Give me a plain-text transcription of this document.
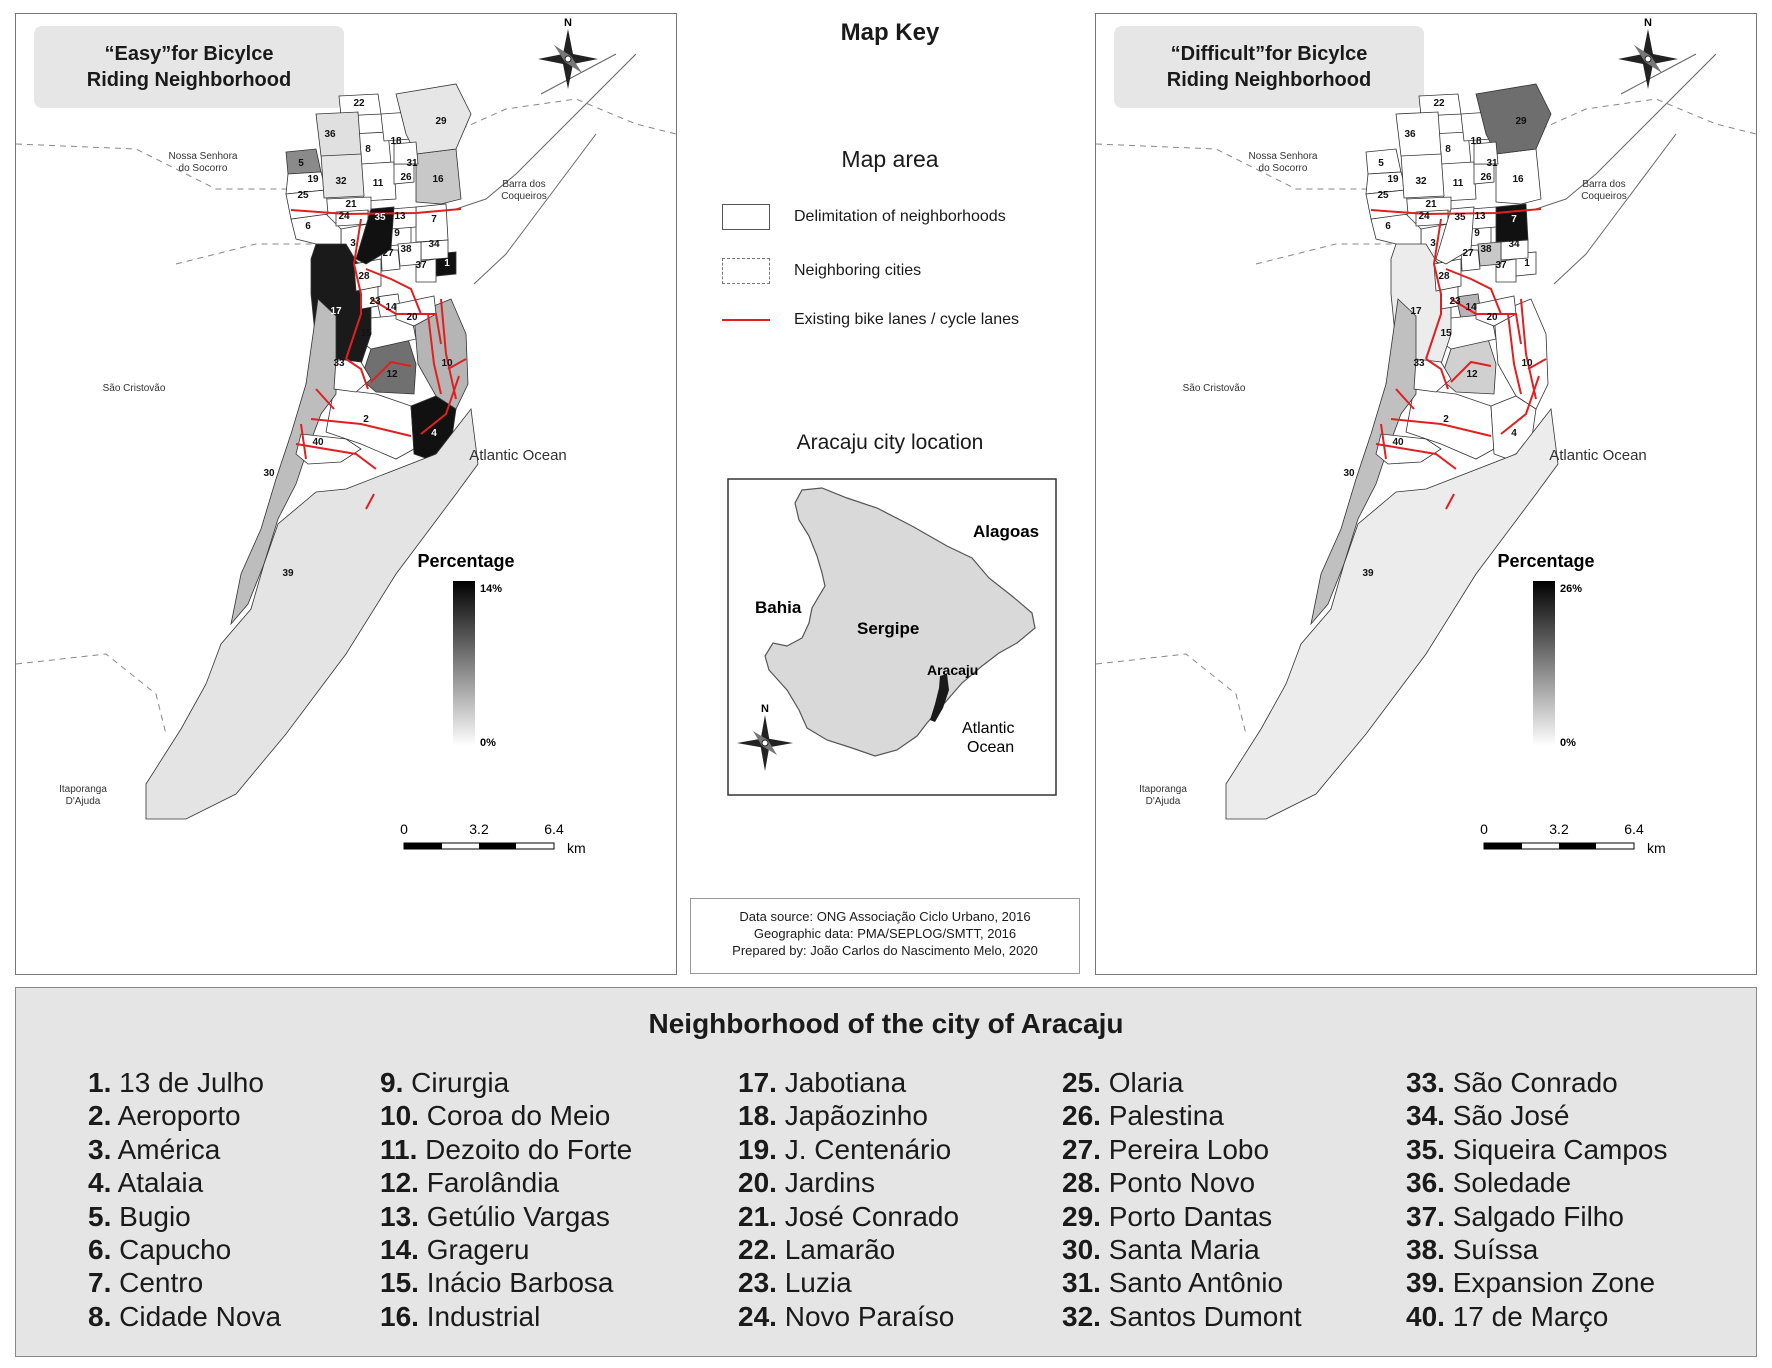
“Easy”for Bicylce
Riding Neighborhood
1
2
3
4
5
6
7
8
9
10
11
12
13
14
15
16
17
18
19
20
21
22
23
24
25
26
27
28
29
30
31
32
33
34
35
36
37
38
39
40
Nossa Senhora
do Socorro
Barra dos
Coqueiros
São Cristovão
Atlantic Ocean
Itaporanga
D'Ajuda
N
Percentage
14%
0%
0	3.2	6.4
km
Map Key
Map area
Delimitation of neighborhoods
Neighboring cities
Existing bike lanes / cycle lanes
Aracaju city location
Alagoas
Bahia
Sergipe
Aracaju
Atlantic
Ocean
N
Data source: ONG Associação Ciclo Urbano, 2016
Geographic data: PMA/SEPLOG/SMTT, 2016
Prepared by: João Carlos do Nascimento Melo, 2020
“Difficult”for Bicylce
Riding Neighborhood
1
2
3
4
5
6
7
8
9
10
11
12
13
14
15
16
17
18
19
20
21
22
23
24
25
26
27
28
29
30
31
32
33
34
35
36
37
38
39
40
Nossa Senhora
do Socorro
Barra dos
Coqueiros
São Cristovão
Atlantic Ocean
Itaporanga
D'Ajuda
N
Percentage
26%
0%
0	3.2	6.4
km
Neighborhood of the city of Aracaju
1. 13 de Julho
2. Aeroporto
3. América
4. Atalaia
5. Bugio
6. Capucho
7. Centro
8. Cidade Nova
9. Cirurgia
10. Coroa do Meio
11. Dezoito do Forte
12. Farolândia
13. Getúlio Vargas
14. Grageru
15. Inácio Barbosa
16. Industrial
17. Jabotiana
18. Japãozinho
19. J. Centenário
20. Jardins
21. José Conrado
22. Lamarão
23. Luzia
24. Novo Paraíso
25. Olaria
26. Palestina
27. Pereira Lobo
28. Ponto Novo
29. Porto Dantas
30. Santa Maria
31. Santo Antônio
32. Santos Dumont
33. São Conrado
34. São José
35. Siqueira Campos
36. Soledade
37. Salgado Filho
38. Suíssa
39. Expansion Zone
40. 17 de Março
